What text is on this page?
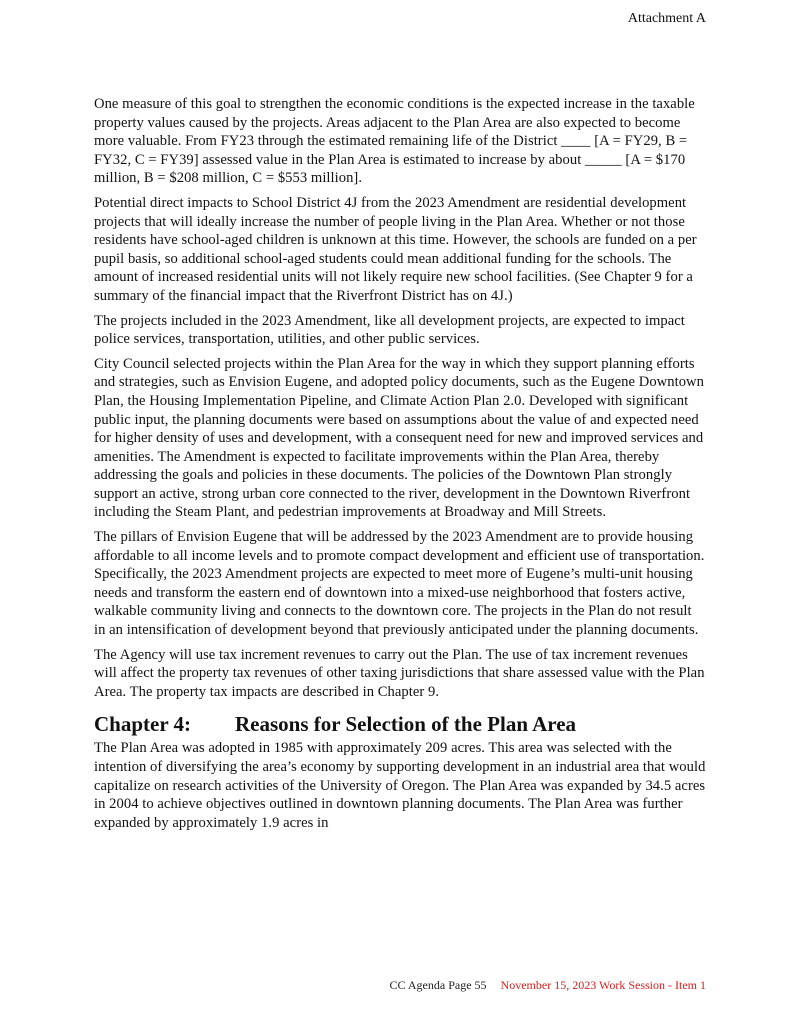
Attachment A

One measure of this goal to strengthen the economic conditions is the expected increase in the taxable property values caused by the projects. Areas adjacent to the Plan Area are also expected to become more valuable. From FY23 through the estimated remaining life of the District ____ [A = FY29, B = FY32, C = FY39] assessed value in the Plan Area is estimated to increase by about _____ [A = $170 million, B = $208 million, C = $553 million].

Potential direct impacts to School District 4J from the 2023 Amendment are residential development projects that will ideally increase the number of people living in the Plan Area. Whether or not those residents have school-aged children is unknown at this time. However, the schools are funded on a per pupil basis, so additional school-aged students could mean additional funding for the schools. The amount of increased residential units will not likely require new school facilities. (See Chapter 9 for a summary of the financial impact that the Riverfront District has on 4J.)

The projects included in the 2023 Amendment, like all development projects, are expected to impact police services, transportation, utilities, and other public services.

City Council selected projects within the Plan Area for the way in which they support planning efforts and strategies, such as Envision Eugene, and adopted policy documents, such as the Eugene Downtown Plan, the Housing Implementation Pipeline, and Climate Action Plan 2.0. Developed with significant public input, the planning documents were based on assumptions about the value of and expected need for higher density of uses and development, with a consequent need for new and improved services and amenities. The Amendment is expected to facilitate improvements within the Plan Area, thereby addressing the goals and policies in these documents. The policies of the Downtown Plan strongly support an active, strong urban core connected to the river, development in the Downtown Riverfront including the Steam Plant, and pedestrian improvements at Broadway and Mill Streets.

The pillars of Envision Eugene that will be addressed by the 2023 Amendment are to provide housing affordable to all income levels and to promote compact development and efficient use of transportation. Specifically, the 2023 Amendment projects are expected to meet more of Eugene’s multi-unit housing needs and transform the eastern end of downtown into a mixed-use neighborhood that fosters active, walkable community living and connects to the downtown core. The projects in the Plan do not result in an intensification of development beyond that previously anticipated under the planning documents.

The Agency will use tax increment revenues to carry out the Plan. The use of tax increment revenues will affect the property tax revenues of other taxing jurisdictions that share assessed value with the Plan Area. The property tax impacts are described in Chapter 9.

Chapter 4: Reasons for Selection of the Plan Area

The Plan Area was adopted in 1985 with approximately 209 acres. This area was selected with the intention of diversifying the area’s economy by supporting development in an industrial area that would capitalize on research activities of the University of Oregon. The Plan Area was expanded by 34.5 acres in 2004 to achieve objectives outlined in downtown planning documents. The Plan Area was further expanded by approximately 1.9 acres in

CC Agenda Page 55 November 15, 2023 Work Session - Item 1
